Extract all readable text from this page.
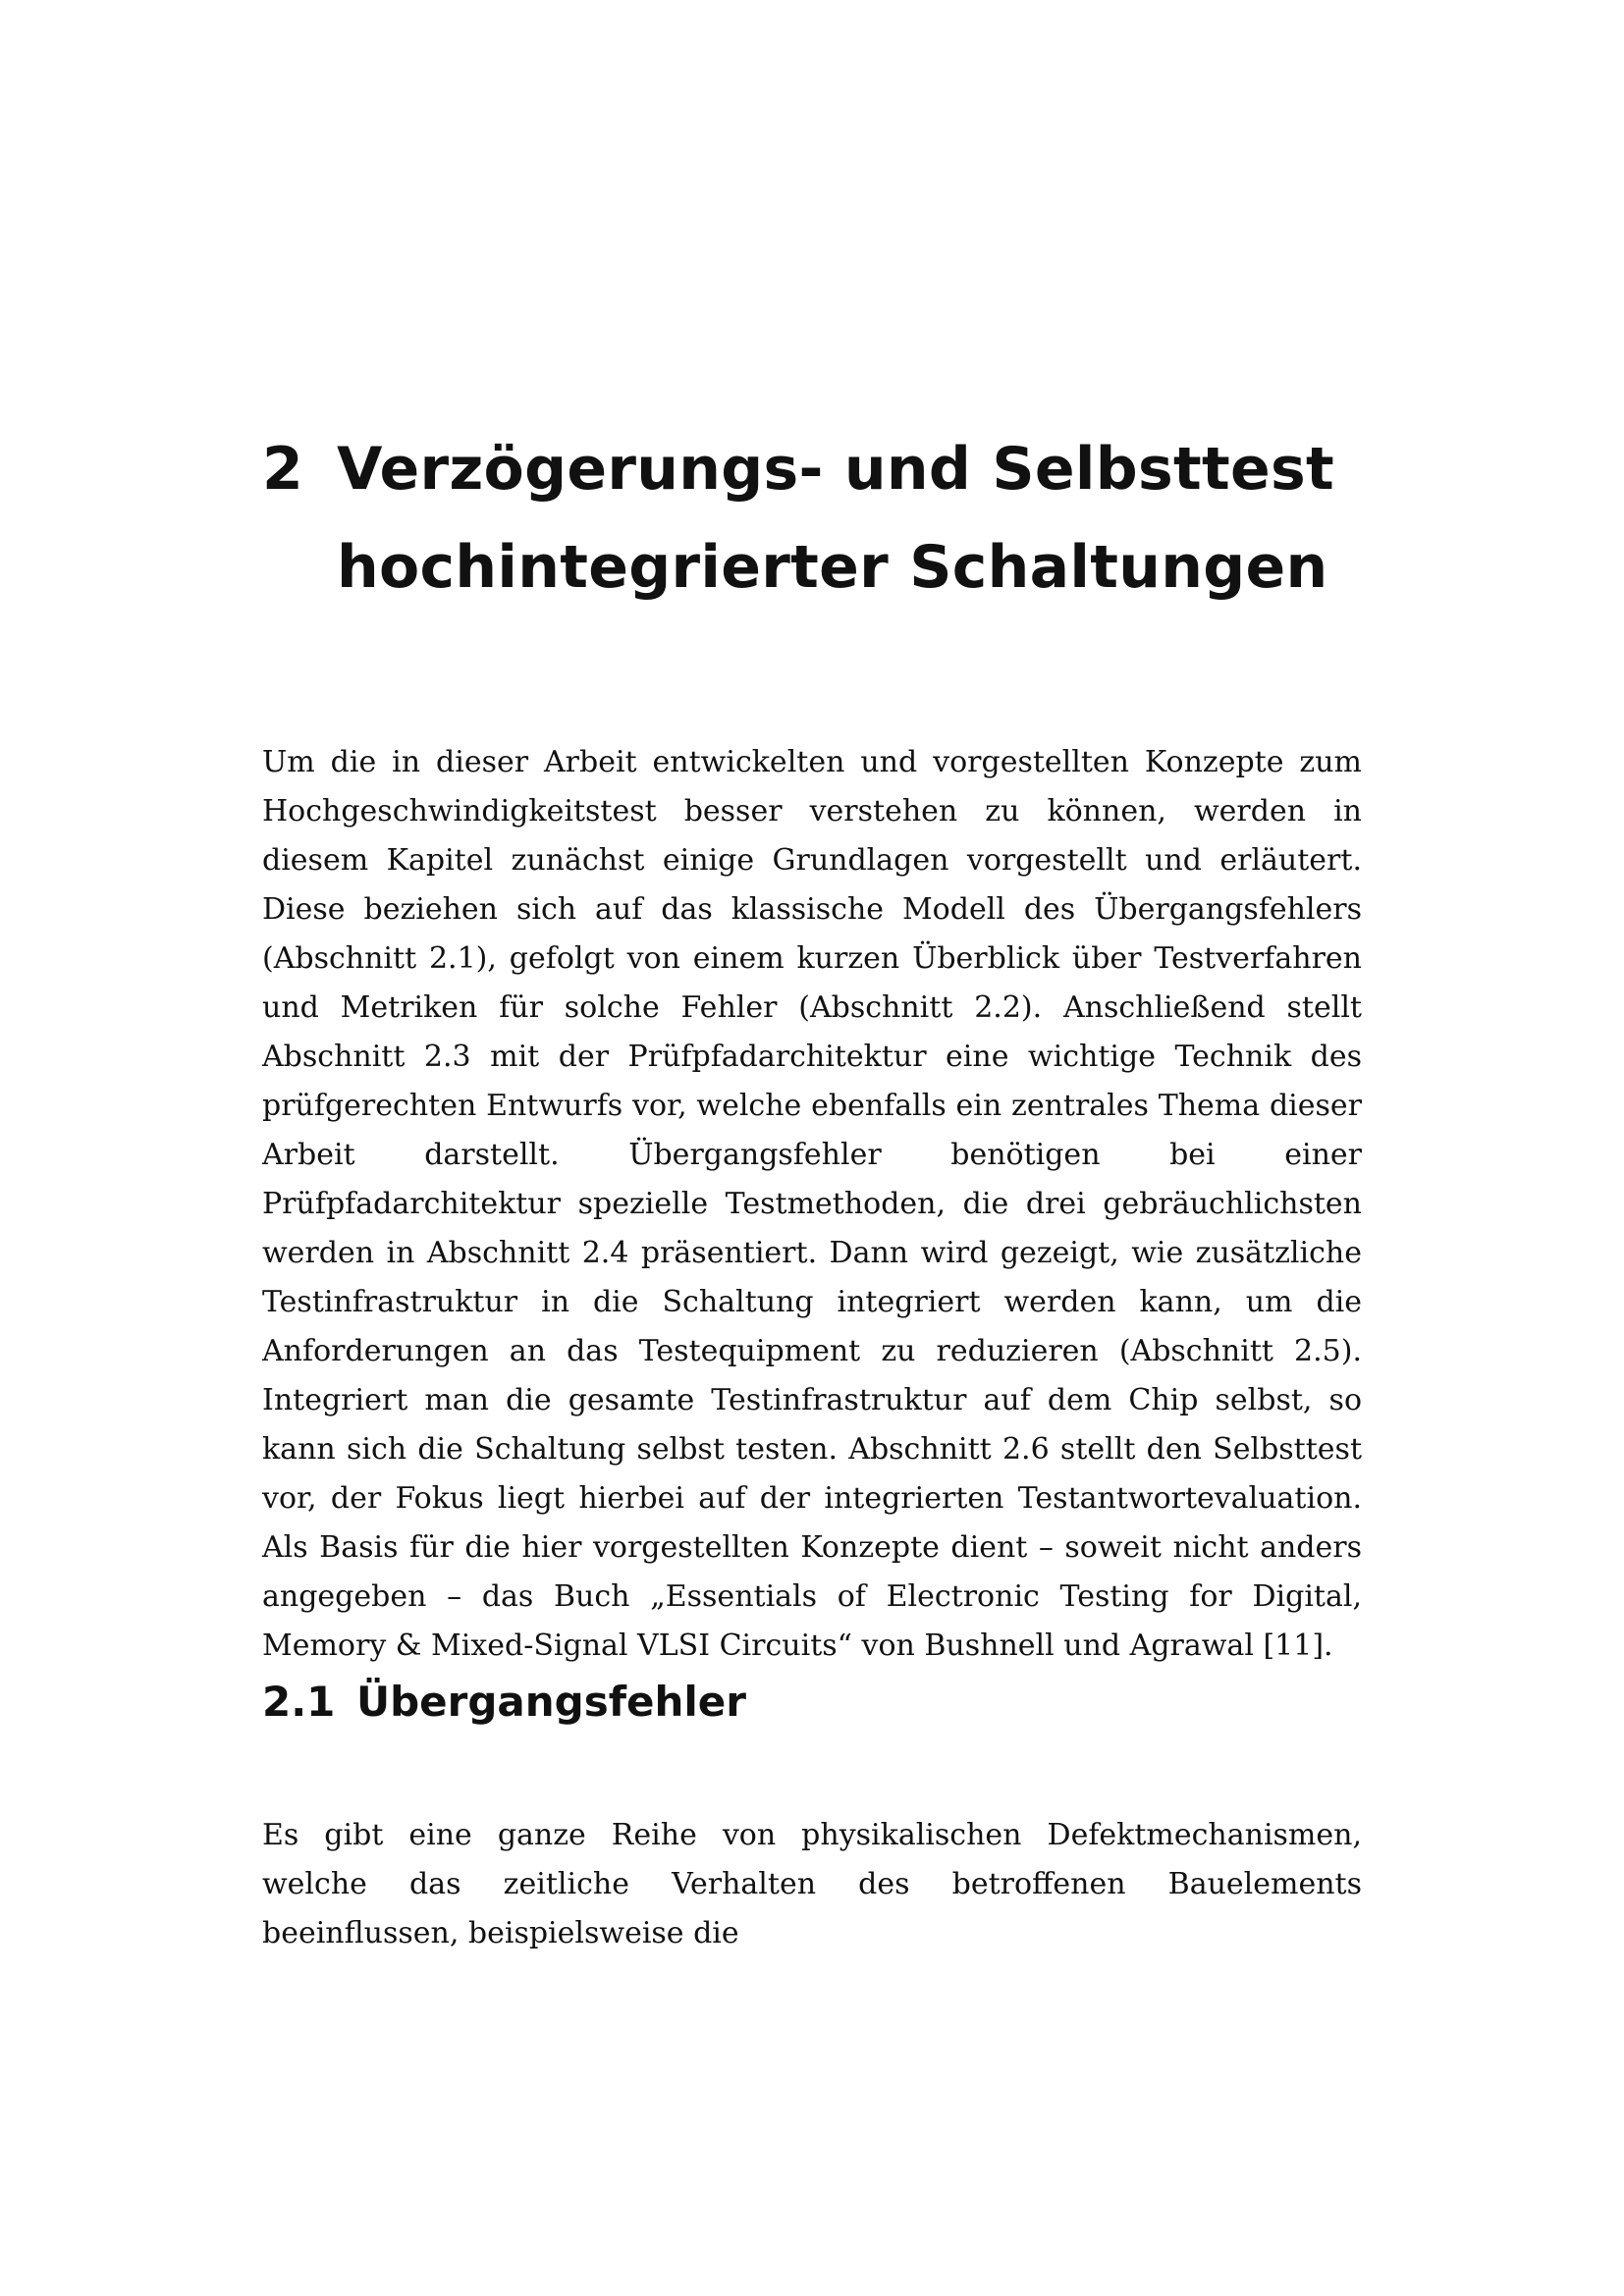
2 Verzögerungs- und Selbsttest
hochintegrierter Schaltungen

Um die in dieser Arbeit entwickelten und vorgestellten Konzepte zum Hochgeschwindigkeitstest besser verstehen zu können, werden in diesem Kapitel zunächst einige Grundlagen vorgestellt und erläutert. Diese beziehen sich auf das klassische Modell des Übergangsfehlers (Abschnitt 2.1), gefolgt von einem kurzen Überblick über Testverfahren und Metriken für solche Fehler (Abschnitt 2.2). Anschließend stellt Abschnitt 2.3 mit der Prüfpfadarchitektur eine wichtige Technik des prüfgerechten Entwurfs vor, welche ebenfalls ein zentrales Thema dieser Arbeit darstellt. Übergangsfehler benötigen bei einer Prüfpfadarchitektur spezielle Testmethoden, die drei gebräuchlichsten werden in Abschnitt 2.4 präsentiert. Dann wird gezeigt, wie zusätzliche Testinfrastruktur in die Schaltung integriert werden kann, um die Anforderungen an das Testequipment zu reduzieren (Abschnitt 2.5). Integriert man die gesamte Testinfrastruktur auf dem Chip selbst, so kann sich die Schaltung selbst testen. Abschnitt 2.6 stellt den Selbsttest vor, der Fokus liegt hierbei auf der integrierten Testantwortevaluation. Als Basis für die hier vorgestellten Konzepte dient – soweit nicht anders angegeben – das Buch „Essentials of Electronic Testing for Digital, Memory & Mixed-Signal VLSI Circuits“ von Bushnell und Agrawal [11].

2.1 Übergangsfehler

Es gibt eine ganze Reihe von physikalischen Defektmechanismen, welche das zeitliche Verhalten des betroffenen Bauelements beeinflussen, beispielsweise die
